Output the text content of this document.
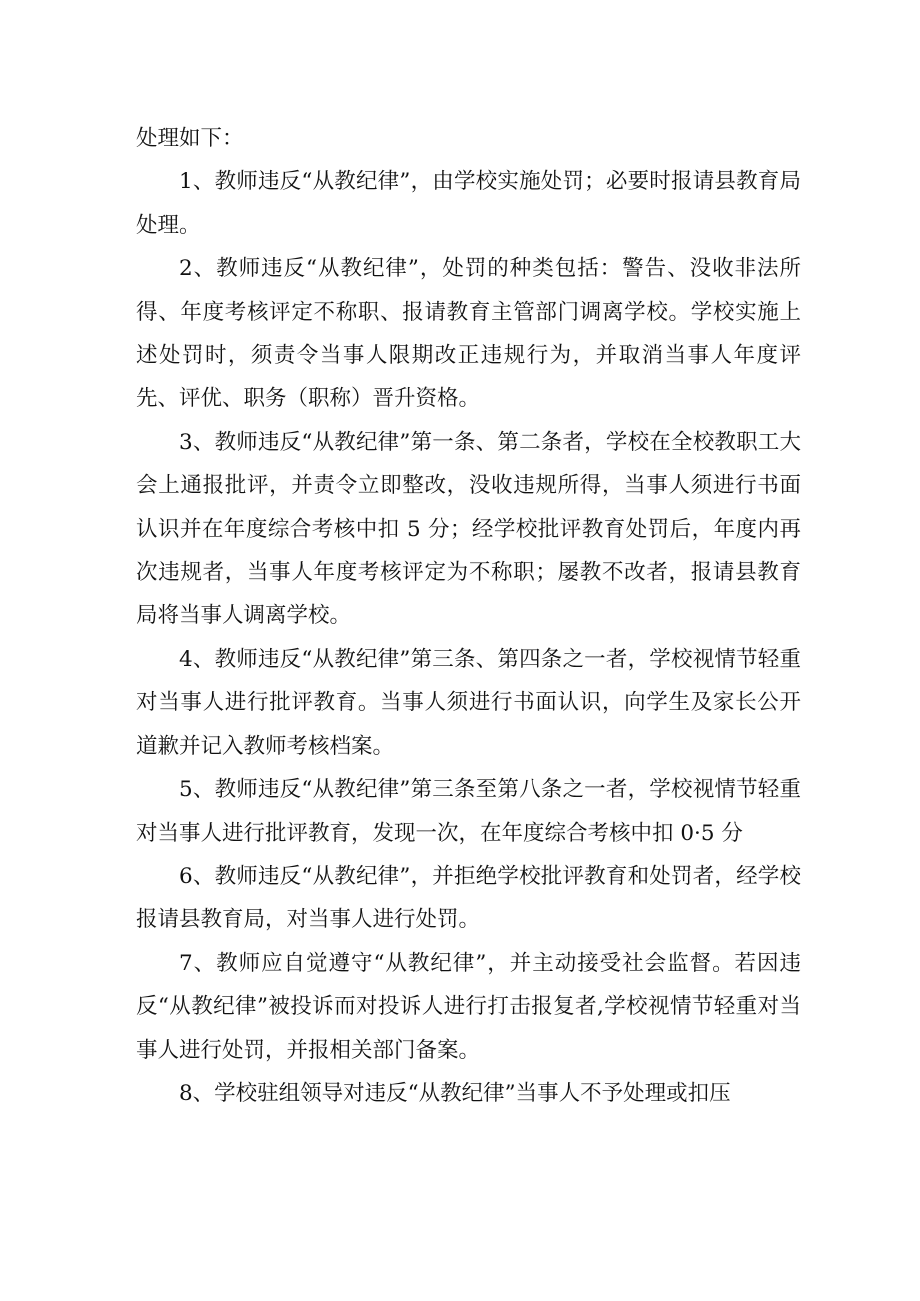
处理如下：

1、教师违反“从教纪律”，由学校实施处罚；必要时报请县教育局处理。

2、教师违反“从教纪律”，处罚的种类包括：警告、没收非法所得、年度考核评定不称职、报请教育主管部门调离学校。学校实施上述处罚时，须责令当事人限期改正违规行为，并取消当事人年度评先、评优、职务（职称）晋升资格。

3、教师违反“从教纪律”第一条、第二条者，学校在全校教职工大会上通报批评，并责令立即整改，没收违规所得，当事人须进行书面认识并在年度综合考核中扣 5 分；经学校批评教育处罚后，年度内再次违规者，当事人年度考核评定为不称职；屡教不改者，报请县教育局将当事人调离学校。

4、教师违反“从教纪律”第三条、第四条之一者，学校视情节轻重对当事人进行批评教育。当事人须进行书面认识，向学生及家长公开道歉并记入教师考核档案。

5、教师违反“从教纪律”第三条至第八条之一者，学校视情节轻重对当事人进行批评教育，发现一次，在年度综合考核中扣 0·5 分

6、教师违反“从教纪律”，并拒绝学校批评教育和处罚者，经学校报请县教育局，对当事人进行处罚。

7、教师应自觉遵守“从教纪律”，并主动接受社会监督。若因违反“从教纪律”被投诉而对投诉人进行打击报复者,学校视情节轻重对当事人进行处罚，并报相关部门备案。

8、学校驻组领导对违反“从教纪律”当事人不予处理或扣压
